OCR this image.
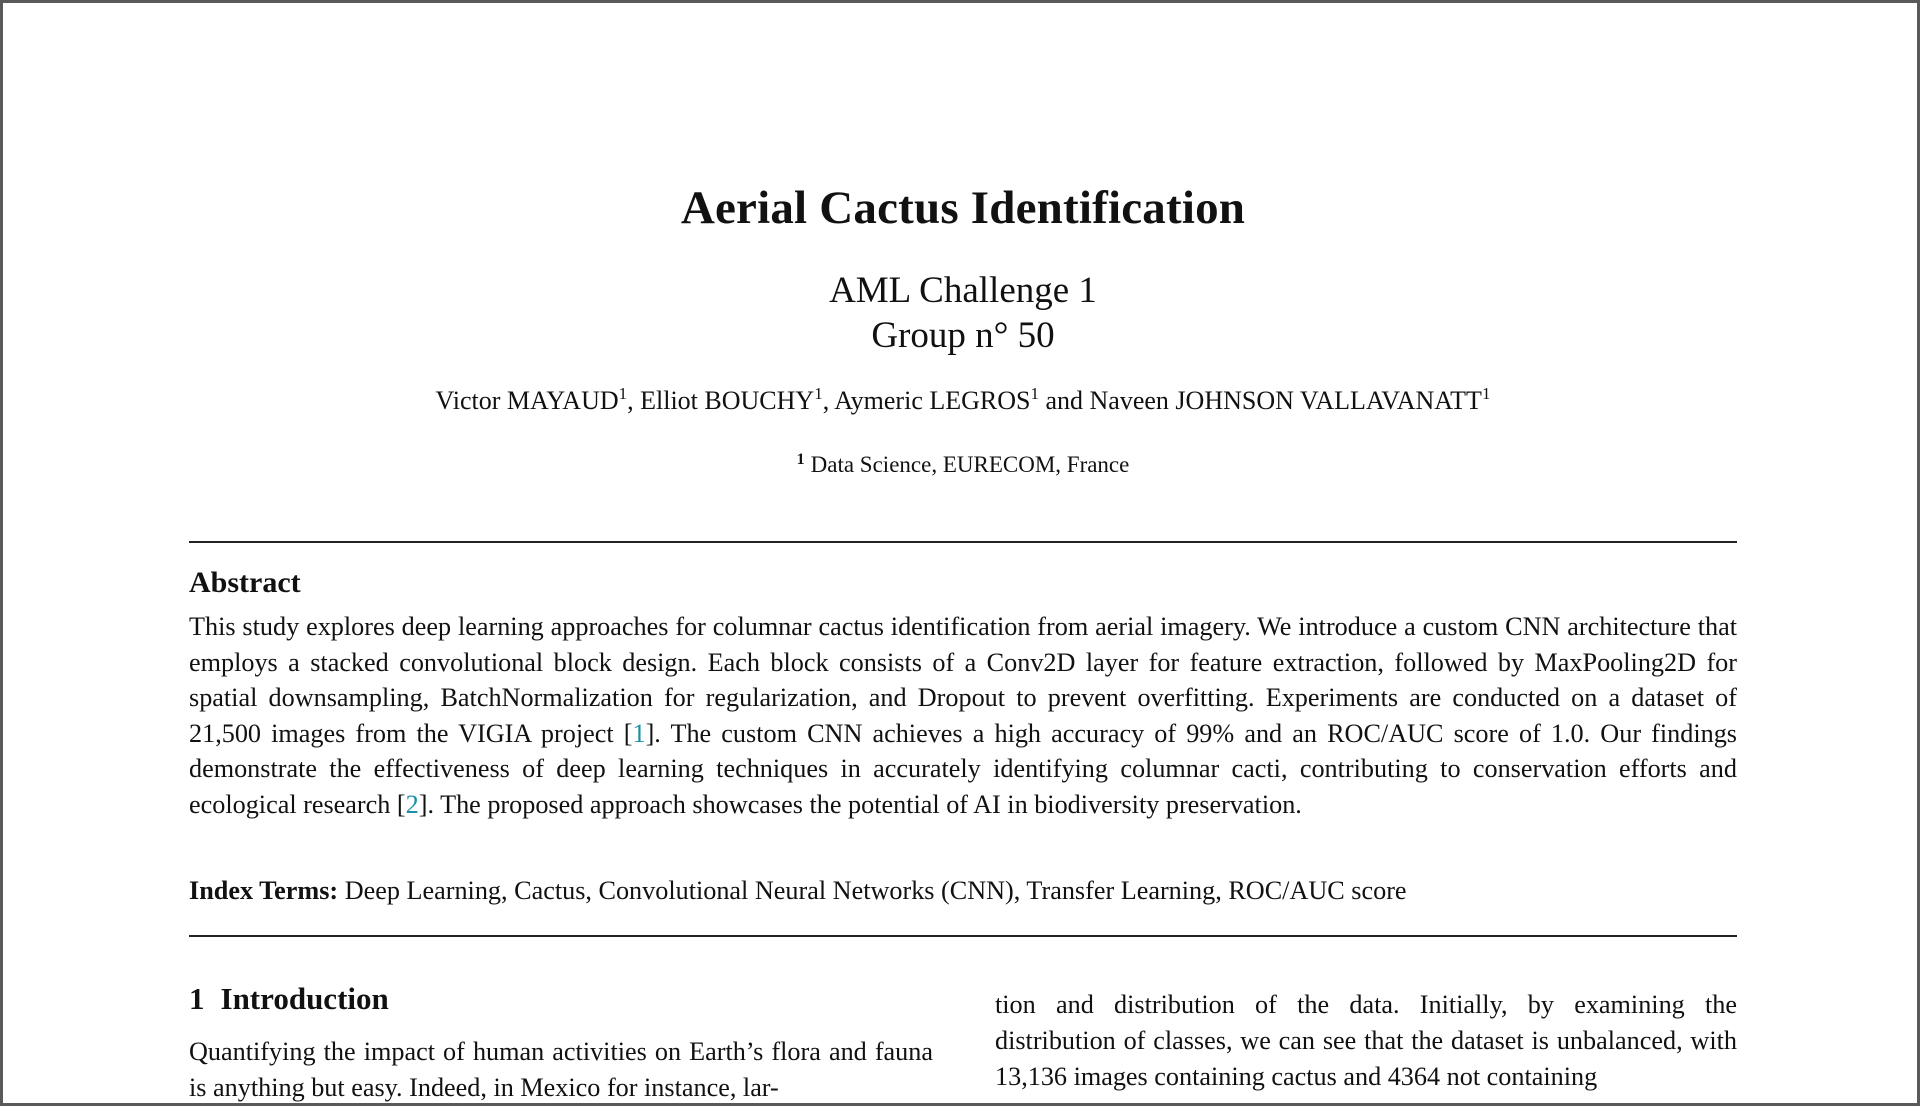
Aerial Cactus Identification
AML Challenge 1
Group n° 50
Victor MAYAUD$^1$, Elliot BOUCHY$^1$, Aymeric LEGROS$^1$ and Naveen JOHNSON VALLAVANATT$^1$
$^1$ Data Science, EURECOM, France
Abstract

This study explores deep learning approaches for columnar cactus identification from aerial imagery. We introduce a custom CNN architecture that employs a stacked convolutional block design. Each block consists of a Conv2D layer for feature extraction, followed by MaxPooling2D for spatial downsampling, BatchNormalization for regularization, and Dropout to prevent overfitting. Experiments are conducted on a dataset of 21,500 images from the VIGIA project [1]. The custom CNN achieves a high accuracy of 99% and an ROC/AUC score of 1.0. Our findings demonstrate the effectiveness of deep learning techniques in accurately identifying columnar cacti, contributing to conservation efforts and ecological research [2]. The proposed approach showcases the potential of AI in biodiversity preservation.

Index Terms: Deep Learning, Cactus, Convolutional Neural Networks (CNN), Transfer Learning, ROC/AUC score

1 Introduction

Quantifying the impact of human activities on Earth’s flora and fauna is anything but easy. Indeed, in Mexico for instance, lar-

tion and distribution of the data. Initially, by examining the distribution of classes, we can see that the dataset is unbalanced, with 13,136 images containing cactus and 4364 not containing
